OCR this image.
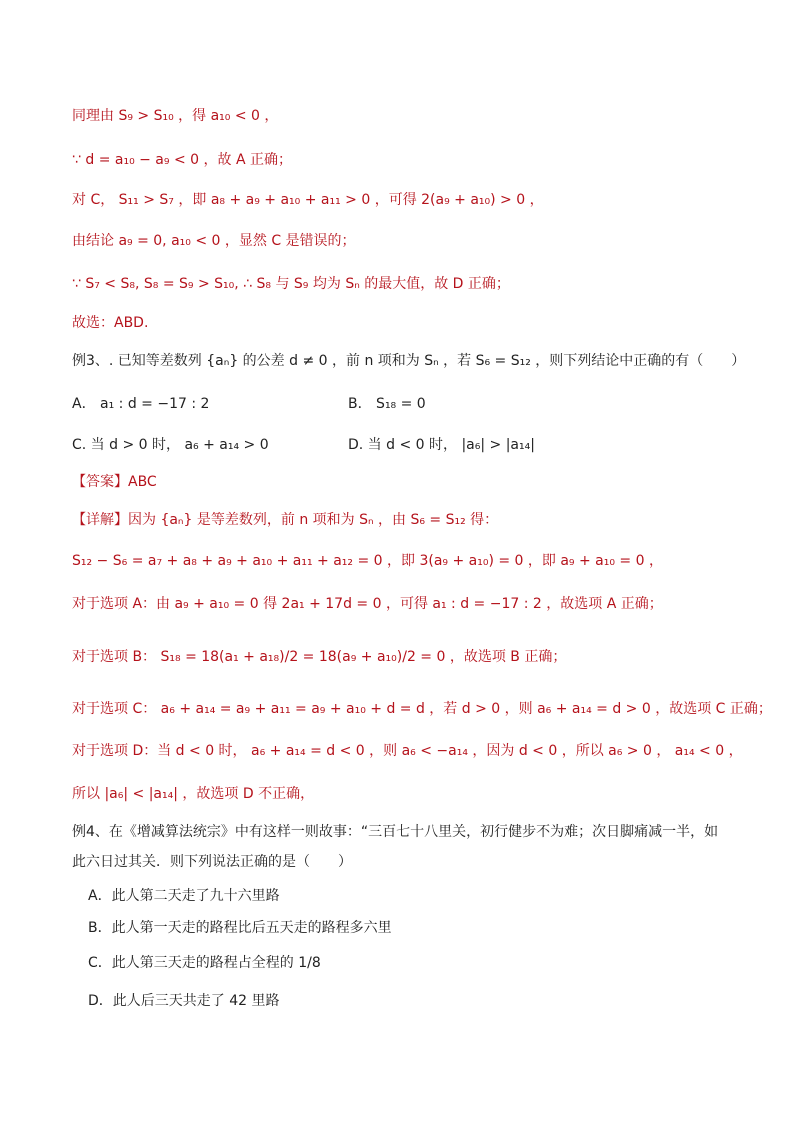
同理由 S₉ > S₁₀ ，得 a₁₀ < 0 ，
∵ d = a₁₀ − a₉ < 0 ，故 A 正确；
对 C， S₁₁ > S₇ ，即 a₈ + a₉ + a₁₀ + a₁₁ > 0 ，可得 2(a₉ + a₁₀) > 0 ，
由结论 a₉ = 0, a₁₀ < 0 ，显然 C 是错误的；
∵ S₇ < S₈, S₈ = S₉ > S₁₀, ∴ S₈ 与 S₉ 均为 Sₙ 的最大值，故 D 正确；
故选：ABD.
例3、. 已知等差数列 {aₙ} 的公差 d ≠ 0 ，前 n 项和为 Sₙ ，若 S₆ = S₁₂ ，则下列结论中正确的有（　　）
A． a₁ : d = −17 : 2	B． S₁₈ = 0
C. 当 d > 0 时， a₆ + a₁₄ > 0	D. 当 d < 0 时， |a₆| > |a₁₄|
【答案】ABC
【详解】因为 {aₙ} 是等差数列，前 n 项和为 Sₙ ，由 S₆ = S₁₂ 得：
S₁₂ − S₆ = a₇ + a₈ + a₉ + a₁₀ + a₁₁ + a₁₂ = 0 ，即 3(a₉ + a₁₀) = 0 ，即 a₉ + a₁₀ = 0 ，
对于选项 A：由 a₉ + a₁₀ = 0 得 2a₁ + 17d = 0 ，可得 a₁ : d = −17 : 2 ，故选项 A 正确；
对于选项 B： S₁₈ = 18(a₁ + a₁₈)/2 = 18(a₉ + a₁₀)/2 = 0 ，故选项 B 正确；
对于选项 C： a₆ + a₁₄ = a₉ + a₁₁ = a₉ + a₁₀ + d = d ，若 d > 0 ，则 a₆ + a₁₄ = d > 0 ，故选项 C 正确；
对于选项 D：当 d < 0 时， a₆ + a₁₄ = d < 0 ，则 a₆ < −a₁₄ ，因为 d < 0 ，所以 a₆ > 0 ， a₁₄ < 0 ，
所以 |a₆| < |a₁₄| ，故选项 D 不正确，
例4、在《增减算法统宗》中有这样一则故事：“三百七十八里关，初行健步不为难；次日脚痛减一半，如
此六日过其关．则下列说法正确的是（　　）
A．此人第二天走了九十六里路
B．此人第一天走的路程比后五天走的路程多六里
C．此人第三天走的路程占全程的 1/8
D．此人后三天共走了 42 里路
